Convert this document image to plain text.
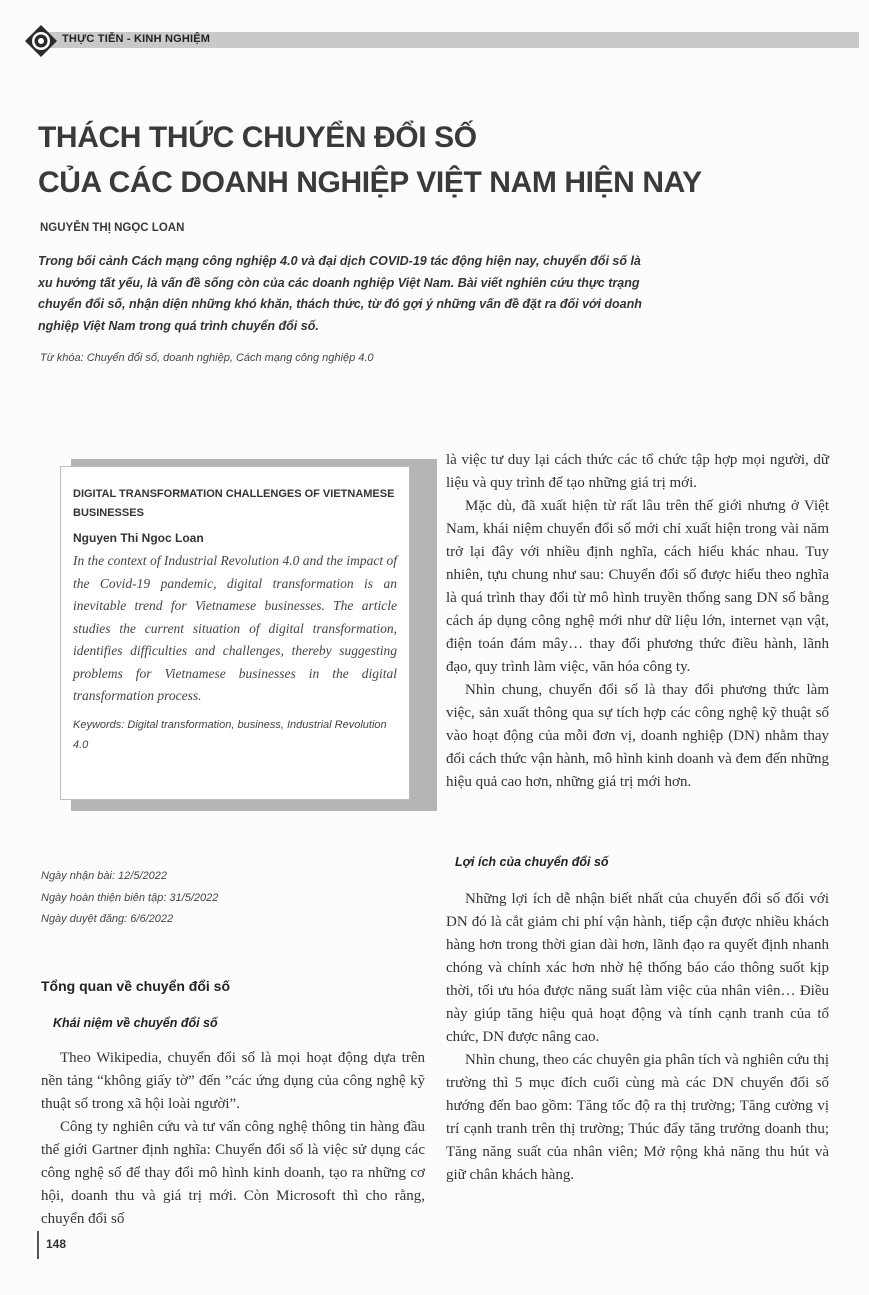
THỰC TIỄN - KINH NGHIỆM
THÁCH THỨC CHUYỂN ĐỔI SỐ
CỦA CÁC DOANH NGHIỆP VIỆT NAM HIỆN NAY
NGUYỄN THỊ NGỌC LOAN

Trong bối cảnh Cách mạng công nghiệp 4.0 và đại dịch COVID-19 tác động hiện nay, chuyển đổi số là xu hướng tất yếu, là vấn đề sống còn của các doanh nghiệp Việt Nam. Bài viết nghiên cứu thực trạng chuyển đổi số, nhận diện những khó khăn, thách thức, từ đó gợi ý những vấn đề đặt ra đối với doanh nghiệp Việt Nam trong quá trình chuyển đổi số.

Từ khóa: Chuyển đổi số, doanh nghiệp, Cách mạng công nghiệp 4.0

DIGITAL TRANSFORMATION CHALLENGES OF VIETNAMESE BUSINESSES

Nguyen Thi Ngoc Loan

In the context of Industrial Revolution 4.0 and the impact of the Covid-19 pandemic, digital transformation is an inevitable trend for Vietnamese businesses. The article studies the current situation of digital transformation, identifies difficulties and challenges, thereby suggesting problems for Vietnamese businesses in the digital transformation process.

Keywords: Digital transformation, business, Industrial Revolution 4.0

Ngày nhận bài: 12/5/2022
Ngày hoàn thiện biên tập: 31/5/2022
Ngày duyệt đăng: 6/6/2022
Tổng quan về chuyển đổi số
Khái niệm về chuyển đổi số

Theo Wikipedia, chuyển đổi số là mọi hoạt động dựa trên nền tảng “không giấy tờ” đến ”các ứng dụng của công nghệ kỹ thuật số trong xã hội loài người”.

Công ty nghiên cứu và tư vấn công nghệ thông tin hàng đầu thế giới Gartner định nghĩa: Chuyển đổi số là việc sử dụng các công nghệ số để thay đổi mô hình kinh doanh, tạo ra những cơ hội, doanh thu và giá trị mới. Còn Microsoft thì cho rằng, chuyển đổi số

là việc tư duy lại cách thức các tổ chức tập hợp mọi người, dữ liệu và quy trình để tạo những giá trị mới.

Mặc dù, đã xuất hiện từ rất lâu trên thế giới nhưng ở Việt Nam, khái niệm chuyển đổi số mới chỉ xuất hiện trong vài năm trở lại đây với nhiều định nghĩa, cách hiểu khác nhau. Tuy nhiên, tựu chung như sau: Chuyển đổi số được hiểu theo nghĩa là quá trình thay đổi từ mô hình truyền thống sang DN số bằng cách áp dụng công nghệ mới như dữ liệu lớn, internet vạn vật, điện toán đám mây… thay đổi phương thức điều hành, lãnh đạo, quy trình làm việc, văn hóa công ty.

Nhìn chung, chuyển đổi số là thay đổi phương thức làm việc, sản xuất thông qua sự tích hợp các công nghệ kỹ thuật số vào hoạt động của mỗi đơn vị, doanh nghiệp (DN) nhằm thay đổi cách thức vận hành, mô hình kinh doanh và đem đến những hiệu quả cao hơn, những giá trị mới hơn.

Lợi ích của chuyển đổi số

Những lợi ích dễ nhận biết nhất của chuyển đổi số đối với DN đó là cắt giảm chi phí vận hành, tiếp cận được nhiều khách hàng hơn trong thời gian dài hơn, lãnh đạo ra quyết định nhanh chóng và chính xác hơn nhờ hệ thống báo cáo thông suốt kịp thời, tối ưu hóa được năng suất làm việc của nhân viên… Điều này giúp tăng hiệu quả hoạt động và tính cạnh tranh của tổ chức, DN được nâng cao.

Nhìn chung, theo các chuyên gia phân tích và nghiên cứu thị trường thì 5 mục đích cuối cùng mà các DN chuyển đổi số hướng đến bao gồm: Tăng tốc độ ra thị trường; Tăng cường vị trí cạnh tranh trên thị trường; Thúc đẩy tăng trưởng doanh thu; Tăng năng suất của nhân viên; Mở rộng khả năng thu hút và giữ chân khách hàng.

148
